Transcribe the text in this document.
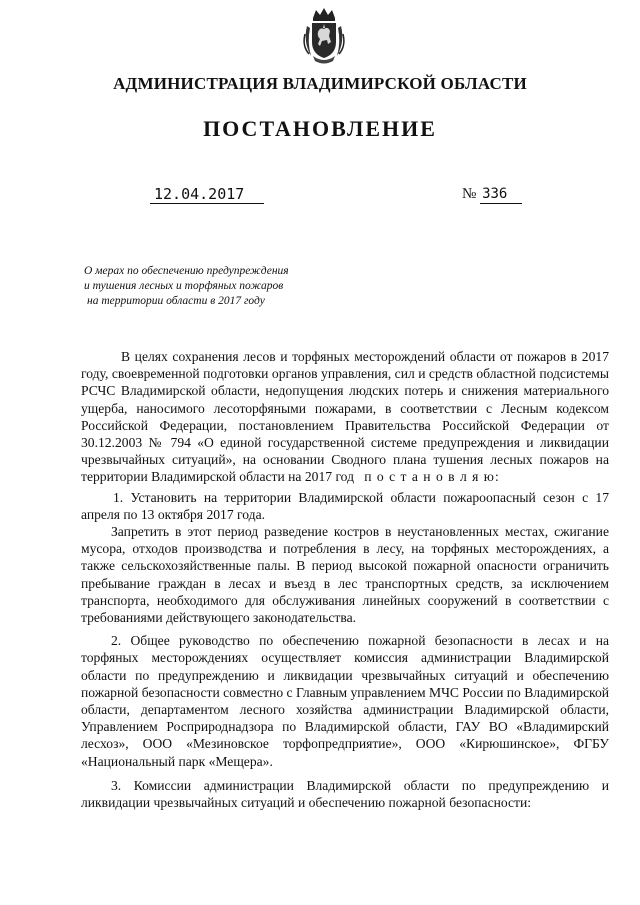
АДМИНИСТРАЦИЯ ВЛАДИМИРСКОЙ ОБЛАСТИ
ПОСТАНОВЛЕНИЕ
12.04.2017	№ 336
О мерах по обеспечению предупреждения
и тушения лесных и торфяных пожаров
на территории области в 2017 году

В целях сохранения лесов и торфяных месторождений области от пожаров в 2017 году, своевременной подготовки органов управления, сил и средств областной подсистемы РСЧС Владимирской области, недопущения людских потерь и снижения материального ущерба, наносимого лесоторфяными пожарами, в соответствии с Лесным кодексом Российской Федерации, постановлением Правительства Российской Федерации от 30.12.2003 № 794 «О единой государственной системе предупреждения и ликвидации чрезвычайных ситуаций», на основании Сводного плана тушения лесных пожаров на территории Владимирской области на 2017 год п о с т а н о в л я ю:

1. Установить на территории Владимирской области пожароопасный сезон с 17 апреля по 13 октября 2017 года.

Запретить в этот период разведение костров в неустановленных местах, сжигание мусора, отходов производства и потребления в лесу, на торфяных месторождениях, а также сельскохозяйственные палы. В период высокой пожарной опасности ограничить пребывание граждан в лесах и въезд в лес транспортных средств, за исключением транспорта, необходимого для обслуживания линейных сооружений в соответствии с требованиями действующего законодательства.

2. Общее руководство по обеспечению пожарной безопасности в лесах и на торфяных месторождениях осуществляет комиссия администрации Владимирской области по предупреждению и ликвидации чрезвычайных ситуаций и обеспечению пожарной безопасности совместно с Главным управлением МЧС России по Владимирской области, департаментом лесного хозяйства администрации Владимирской области, Управлением Росприроднадзора по Владимирской области, ГАУ ВО «Владимирский лесхоз», ООО «Мезиновское торфопредприятие», ООО «Кирюшинское», ФГБУ «Национальный парк «Мещера».

3. Комиссии администрации Владимирской области по предупреждению и ликвидации чрезвычайных ситуаций и обеспечению пожарной безопасности:
